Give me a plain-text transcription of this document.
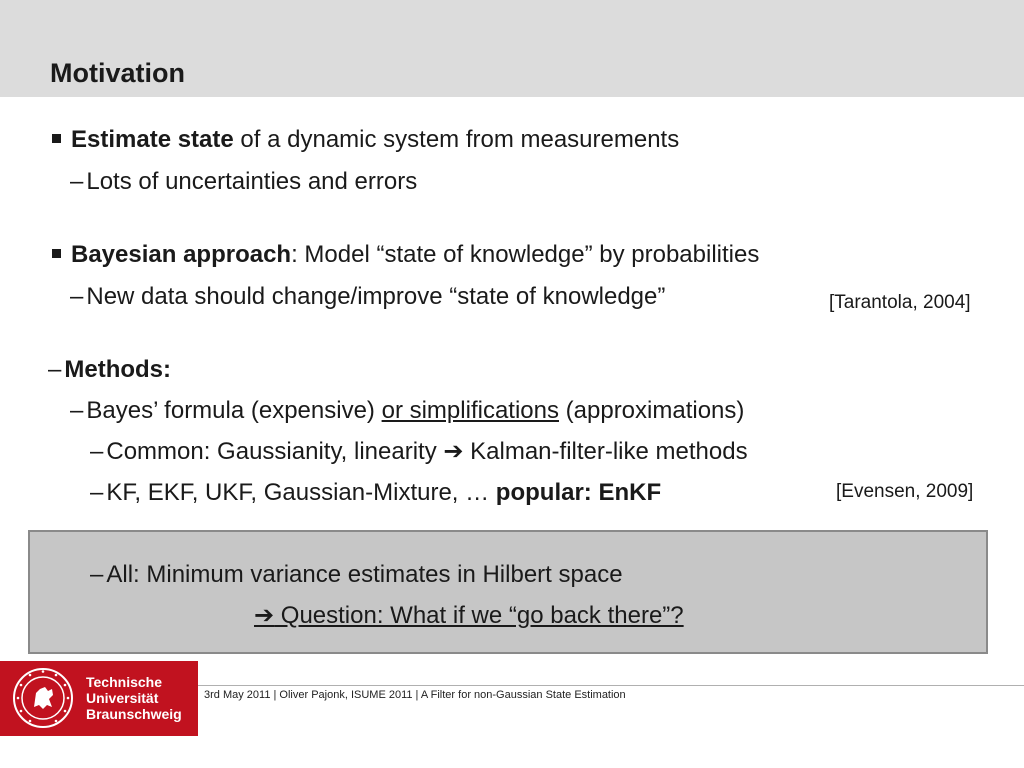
Motivation
Estimate state of a dynamic system from measurements
– Lots of uncertainties and errors
Bayesian approach: Model “state of knowledge” by probabilities
– New data should change/improve “state of knowledge”	[Tarantola, 2004]
– Methods:
– Bayes’ formula (expensive) or simplifications (approximations)
– Common: Gaussianity, linearity ➔ Kalman-filter-like methods
– KF, EKF, UKF, Gaussian-Mixture, … popular: EnKF	[Evensen, 2009]
– All: Minimum variance estimates in Hilbert space
➔ Question: What if we “go back there”?
Technische
Universität
Braunschweig
3rd May 2011 | Oliver Pajonk, ISUME 2011 | A Filter for non-Gaussian State Estimation
